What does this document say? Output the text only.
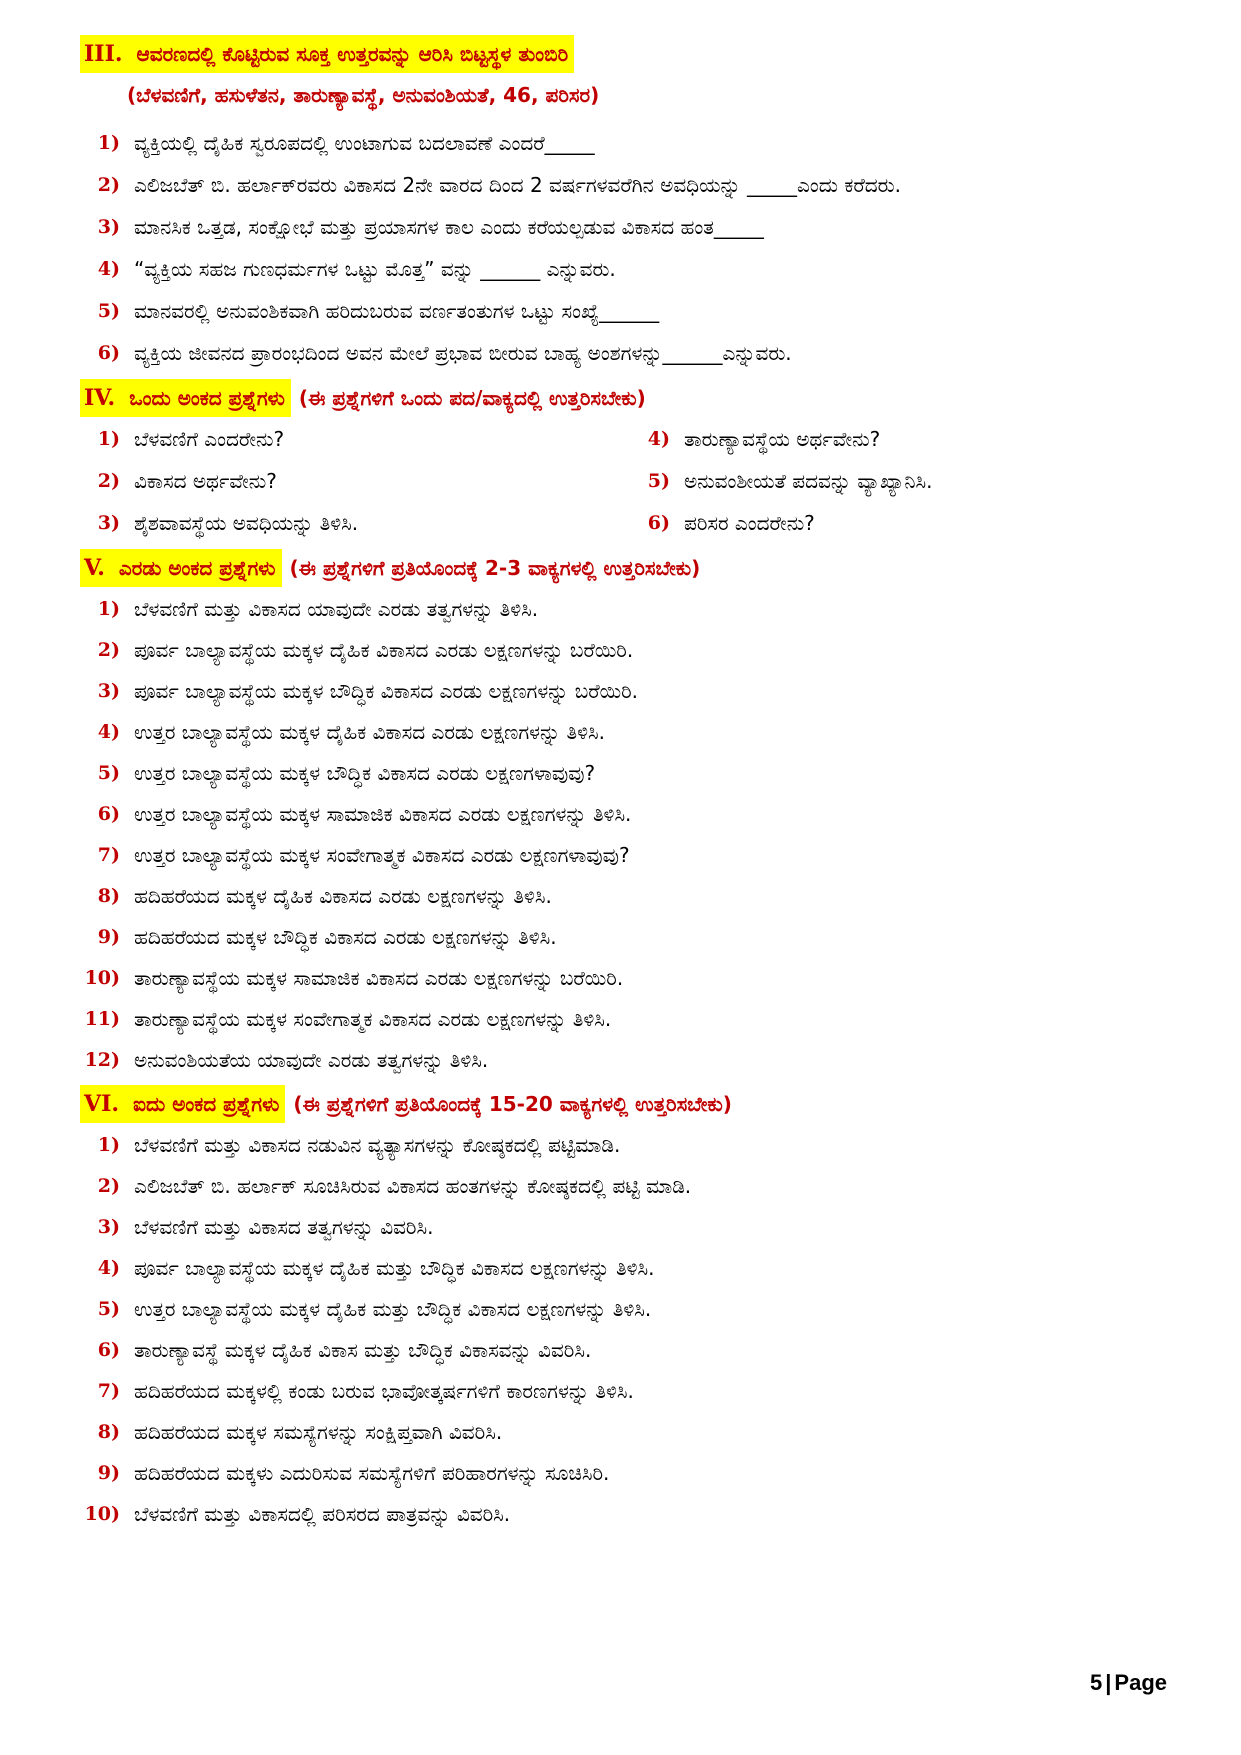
III. ಆವರಣದಲ್ಲಿ ಕೊಟ್ಟಿರುವ ಸೂಕ್ತ ಉತ್ತರವನ್ನು ಆರಿಸಿ ಬಿಟ್ಟಸ್ಥಳ ತುಂಬಿರಿ
(ಬೆಳವಣಿಗೆ, ಹಸುಳೆತನ, ತಾರುಣ್ಯಾವಸ್ಥೆ, ಅನುವಂಶಿಯತೆ, 46, ಪರಿಸರ)
1) ವ್ಯಕ್ತಿಯಲ್ಲಿ ದೈಹಿಕ ಸ್ವರೂಪದಲ್ಲಿ ಉಂಟಾಗುವ ಬದಲಾವಣೆ ಎಂದರೆ_____
2) ಎಲಿಜಬೆತ್ ಬಿ. ಹರ್ಲಾಕ್‌ರವರು ವಿಕಾಸದ 2ನೇ ವಾರದ ದಿಂದ 2 ವರ್ಷಗಳವರೆಗಿನ ಅವಧಿಯನ್ನು _____ಎಂದು ಕರೆದರು.
3) ಮಾನಸಿಕ ಒತ್ತಡ, ಸಂಕ್ಷೋಭೆ ಮತ್ತು ಪ್ರಯಾಸಗಳ ಕಾಲ ಎಂದು ಕರೆಯಲ್ಪಡುವ ವಿಕಾಸದ ಹಂತ_____
4) “ವ್ಯಕ್ತಿಯ ಸಹಜ ಗುಣಧರ್ಮಗಳ ಒಟ್ಟು ಮೊತ್ತ” ವನ್ನು ______ ಎನ್ನುವರು.
5) ಮಾನವರಲ್ಲಿ ಅನುವಂಶಿಕವಾಗಿ ಹರಿದುಬರುವ ವರ್ಣತಂತುಗಳ ಒಟ್ಟು ಸಂಖ್ಯೆ______
6) ವ್ಯಕ್ತಿಯ ಜೀವನದ ಪ್ರಾರಂಭದಿಂದ ಅವನ ಮೇಲೆ ಪ್ರಭಾವ ಬೀರುವ ಬಾಹ್ಯ ಅಂಶಗಳನ್ನು______ಎನ್ನುವರು.
IV. ಒಂದು ಅಂಕದ ಪ್ರಶ್ನೆಗಳು (ಈ ಪ್ರಶ್ನೆಗಳಿಗೆ ಒಂದು ಪದ/ವಾಕ್ಯದಲ್ಲಿ ಉತ್ತರಿಸಬೇಕು)
1) ಬೆಳವಣಿಗೆ ಎಂದರೇನು?
2) ವಿಕಾಸದ ಅರ್ಥವೇನು?
3) ಶೈಶವಾವಸ್ಥೆಯ ಅವಧಿಯನ್ನು ತಿಳಿಸಿ.
4) ತಾರುಣ್ಯಾವಸ್ಥೆಯ ಅರ್ಥವೇನು?
5) ಅನುವಂಶೀಯತೆ ಪದವನ್ನು ವ್ಯಾಖ್ಯಾನಿಸಿ.
6) ಪರಿಸರ ಎಂದರೇನು?
V. ಎರಡು ಅಂಕದ ಪ್ರಶ್ನೆಗಳು (ಈ ಪ್ರಶ್ನೆಗಳಿಗೆ ಪ್ರತಿಯೊಂದಕ್ಕೆ 2-3 ವಾಕ್ಯಗಳಲ್ಲಿ ಉತ್ತರಿಸಬೇಕು)
1) ಬೆಳವಣಿಗೆ ಮತ್ತು ವಿಕಾಸದ ಯಾವುದೇ ಎರಡು ತತ್ವಗಳನ್ನು ತಿಳಿಸಿ.
2) ಪೂರ್ವ ಬಾಲ್ಯಾವಸ್ಥೆಯ ಮಕ್ಕಳ ದೈಹಿಕ ವಿಕಾಸದ ಎರಡು ಲಕ್ಷಣಗಳನ್ನು ಬರೆಯಿರಿ.
3) ಪೂರ್ವ ಬಾಲ್ಯಾವಸ್ಥೆಯ ಮಕ್ಕಳ ಬೌದ್ಧಿಕ ವಿಕಾಸದ ಎರಡು ಲಕ್ಷಣಗಳನ್ನು ಬರೆಯಿರಿ.
4) ಉತ್ತರ ಬಾಲ್ಯಾವಸ್ಥೆಯ ಮಕ್ಕಳ ದೈಹಿಕ ವಿಕಾಸದ ಎರಡು ಲಕ್ಷಣಗಳನ್ನು ತಿಳಿಸಿ.
5) ಉತ್ತರ ಬಾಲ್ಯಾವಸ್ಥೆಯ ಮಕ್ಕಳ ಬೌದ್ಧಿಕ ವಿಕಾಸದ ಎರಡು ಲಕ್ಷಣಗಳಾವುವು?
6) ಉತ್ತರ ಬಾಲ್ಯಾವಸ್ಥೆಯ ಮಕ್ಕಳ ಸಾಮಾಜಿಕ ವಿಕಾಸದ ಎರಡು ಲಕ್ಷಣಗಳನ್ನು ತಿಳಿಸಿ.
7) ಉತ್ತರ ಬಾಲ್ಯಾವಸ್ಥೆಯ ಮಕ್ಕಳ ಸಂವೇಗಾತ್ಮಕ ವಿಕಾಸದ ಎರಡು ಲಕ್ಷಣಗಳಾವುವು?
8) ಹದಿಹರೆಯದ ಮಕ್ಕಳ ದೈಹಿಕ ವಿಕಾಸದ ಎರಡು ಲಕ್ಷಣಗಳನ್ನು ತಿಳಿಸಿ.
9) ಹದಿಹರೆಯದ ಮಕ್ಕಳ ಬೌದ್ಧಿಕ ವಿಕಾಸದ ಎರಡು ಲಕ್ಷಣಗಳನ್ನು ತಿಳಿಸಿ.
10) ತಾರುಣ್ಯಾವಸ್ಥೆಯ ಮಕ್ಕಳ ಸಾಮಾಜಿಕ ವಿಕಾಸದ ಎರಡು ಲಕ್ಷಣಗಳನ್ನು ಬರೆಯಿರಿ.
11) ತಾರುಣ್ಯಾವಸ್ಥೆಯ ಮಕ್ಕಳ ಸಂವೇಗಾತ್ಮಕ ವಿಕಾಸದ ಎರಡು ಲಕ್ಷಣಗಳನ್ನು ತಿಳಿಸಿ.
12) ಅನುವಂಶಿಯತೆಯ ಯಾವುದೇ ಎರಡು ತತ್ವಗಳನ್ನು ತಿಳಿಸಿ.
VI. ಐದು ಅಂಕದ ಪ್ರಶ್ನೆಗಳು (ಈ ಪ್ರಶ್ನೆಗಳಿಗೆ ಪ್ರತಿಯೊಂದಕ್ಕೆ 15-20 ವಾಕ್ಯಗಳಲ್ಲಿ ಉತ್ತರಿಸಬೇಕು)
1) ಬೆಳವಣಿಗೆ ಮತ್ತು ವಿಕಾಸದ ನಡುವಿನ ವ್ಯತ್ಯಾಸಗಳನ್ನು ಕೋಷ್ಠಕದಲ್ಲಿ ಪಟ್ಟಿಮಾಡಿ.
2) ಎಲಿಜಬೆತ್ ಬಿ. ಹರ್ಲಾಕ್ ಸೂಚಿಸಿರುವ ವಿಕಾಸದ ಹಂತಗಳನ್ನು ಕೋಷ್ಠಕದಲ್ಲಿ ಪಟ್ಟಿ ಮಾಡಿ.
3) ಬೆಳವಣಿಗೆ ಮತ್ತು ವಿಕಾಸದ ತತ್ವಗಳನ್ನು ವಿವರಿಸಿ.
4) ಪೂರ್ವ ಬಾಲ್ಯಾವಸ್ಥೆಯ ಮಕ್ಕಳ ದೈಹಿಕ ಮತ್ತು ಬೌದ್ಧಿಕ ವಿಕಾಸದ ಲಕ್ಷಣಗಳನ್ನು ತಿಳಿಸಿ.
5) ಉತ್ತರ ಬಾಲ್ಯಾವಸ್ಥೆಯ ಮಕ್ಕಳ ದೈಹಿಕ ಮತ್ತು ಬೌದ್ಧಿಕ ವಿಕಾಸದ ಲಕ್ಷಣಗಳನ್ನು ತಿಳಿಸಿ.
6) ತಾರುಣ್ಯಾವಸ್ಥೆ ಮಕ್ಕಳ ದೈಹಿಕ ವಿಕಾಸ ಮತ್ತು ಬೌದ್ಧಿಕ ವಿಕಾಸವನ್ನು ವಿವರಿಸಿ.
7) ಹದಿಹರೆಯದ ಮಕ್ಕಳಲ್ಲಿ ಕಂಡು ಬರುವ ಭಾವೋತ್ಕರ್ಷಗಳಿಗೆ ಕಾರಣಗಳನ್ನು ತಿಳಿಸಿ.
8) ಹದಿಹರೆಯದ ಮಕ್ಕಳ ಸಮಸ್ಯೆಗಳನ್ನು ಸಂಕ್ಷಿಪ್ತವಾಗಿ ವಿವರಿಸಿ.
9) ಹದಿಹರೆಯದ ಮಕ್ಕಳು ಎದುರಿಸುವ ಸಮಸ್ಯೆಗಳಿಗೆ ಪರಿಹಾರಗಳನ್ನು ಸೂಚಿಸಿರಿ.
10) ಬೆಳವಣಿಗೆ ಮತ್ತು ವಿಕಾಸದಲ್ಲಿ ಪರಿಸರದ ಪಾತ್ರವನ್ನು ವಿವರಿಸಿ.
5 | Page
